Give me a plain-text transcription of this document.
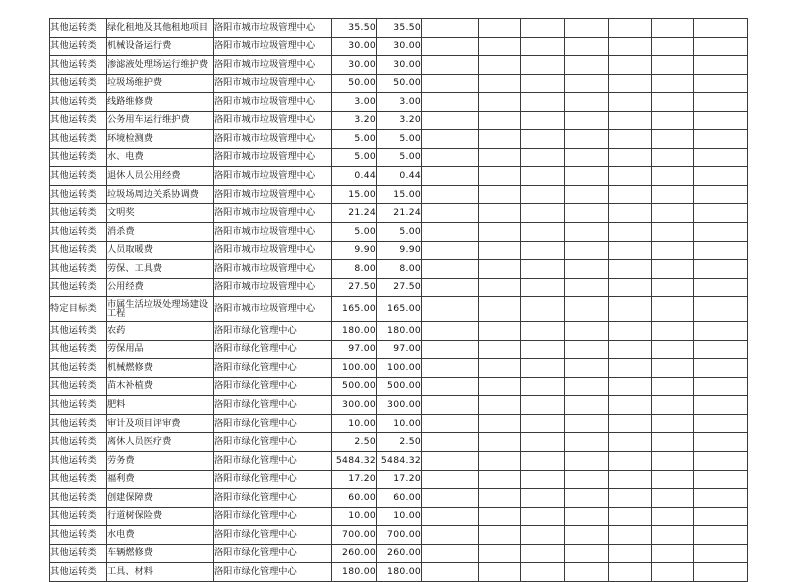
其他运转类	绿化租地及其他租地项目	洛阳市城市垃圾管理中心	35.50	35.50							
其他运转类	机械设备运行费	洛阳市城市垃圾管理中心	30.00	30.00							
其他运转类	渗滤液处理场运行维护费	洛阳市城市垃圾管理中心	30.00	30.00							
其他运转类	垃圾场维护费	洛阳市城市垃圾管理中心	50.00	50.00							
其他运转类	线路维修费	洛阳市城市垃圾管理中心	3.00	3.00							
其他运转类	公务用车运行维护费	洛阳市城市垃圾管理中心	3.20	3.20							
其他运转类	环境检测费	洛阳市城市垃圾管理中心	5.00	5.00							
其他运转类	水、电费	洛阳市城市垃圾管理中心	5.00	5.00							
其他运转类	退休人员公用经费	洛阳市城市垃圾管理中心	0.44	0.44							
其他运转类	垃圾场周边关系协调费	洛阳市城市垃圾管理中心	15.00	15.00							
其他运转类	文明奖	洛阳市城市垃圾管理中心	21.24	21.24							
其他运转类	消杀费	洛阳市城市垃圾管理中心	5.00	5.00							
其他运转类	人员取暖费	洛阳市城市垃圾管理中心	9.90	9.90							
其他运转类	劳保、工具费	洛阳市城市垃圾管理中心	8.00	8.00							
其他运转类	公用经费	洛阳市城市垃圾管理中心	27.50	27.50							
特定目标类	市属生活垃圾处理场建设工程	洛阳市城市垃圾管理中心	165.00	165.00							
其他运转类	农药	洛阳市绿化管理中心	180.00	180.00							
其他运转类	劳保用品	洛阳市绿化管理中心	97.00	97.00							
其他运转类	机械燃修费	洛阳市绿化管理中心	100.00	100.00							
其他运转类	苗木补植费	洛阳市绿化管理中心	500.00	500.00							
其他运转类	肥料	洛阳市绿化管理中心	300.00	300.00							
其他运转类	审计及项目评审费	洛阳市绿化管理中心	10.00	10.00							
其他运转类	离休人员医疗费	洛阳市绿化管理中心	2.50	2.50							
其他运转类	劳务费	洛阳市绿化管理中心	5484.32	5484.32							
其他运转类	福利费	洛阳市绿化管理中心	17.20	17.20							
其他运转类	创建保障费	洛阳市绿化管理中心	60.00	60.00							
其他运转类	行道树保险费	洛阳市绿化管理中心	10.00	10.00							
其他运转类	水电费	洛阳市绿化管理中心	700.00	700.00							
其他运转类	车辆燃修费	洛阳市绿化管理中心	260.00	260.00							
其他运转类	工具、材料	洛阳市绿化管理中心	180.00	180.00							
